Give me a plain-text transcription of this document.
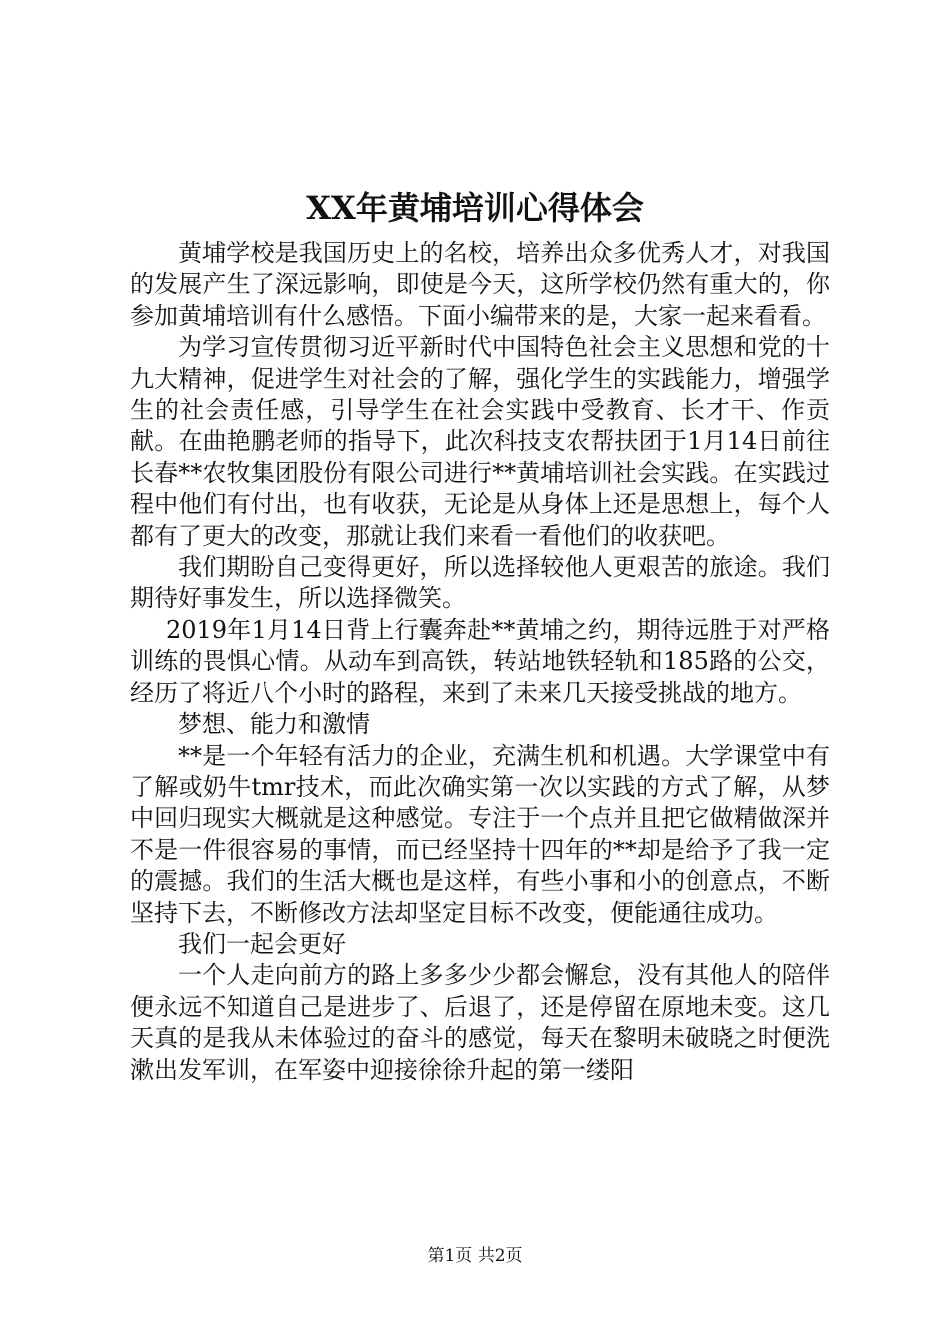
XX年黄埔培训心得体会

黄埔学校是我国历史上的名校，培养出众多优秀人才，对我国的发展产生了深远影响，即使是今天，这所学校仍然有重大的，你参加黄埔培训有什么感悟。下面小编带来的是，大家一起来看看。

为学习宣传贯彻习近平新时代中国特色社会主义思想和党的十九大精神，促进学生对社会的了解，强化学生的实践能力，增强学生的社会责任感，引导学生在社会实践中受教育、长才干、作贡献。在曲艳鹏老师的指导下，此次科技支农帮扶团于1月14日前往长春**农牧集团股份有限公司进行**黄埔培训社会实践。在实践过程中他们有付出，也有收获，无论是从身体上还是思想上，每个人都有了更大的改变，那就让我们来看一看他们的收获吧。

我们期盼自己变得更好，所以选择较他人更艰苦的旅途。我们期待好事发生，所以选择微笑。

2019年1月14日背上行囊奔赴**黄埔之约，期待远胜于对严格训练的畏惧心情。从动车到高铁，转站地铁轻轨和185路的公交，经历了将近八个小时的路程，来到了未来几天接受挑战的地方。

梦想、能力和激情

**是一个年轻有活力的企业，充满生机和机遇。大学课堂中有了解或奶牛tmr技术，而此次确实第一次以实践的方式了解，从梦中回归现实大概就是这种感觉。专注于一个点并且把它做精做深并不是一件很容易的事情，而已经坚持十四年的**却是给予了我一定的震撼。我们的生活大概也是这样，有些小事和小的创意点，不断坚持下去，不断修改方法却坚定目标不改变，便能通往成功。

我们一起会更好

一个人走向前方的路上多多少少都会懈怠，没有其他人的陪伴便永远不知道自己是进步了、后退了，还是停留在原地未变。这几天真的是我从未体验过的奋斗的感觉，每天在黎明未破晓之时便洗漱出发军训，在军姿中迎接徐徐升起的第一缕阳

第1页 共2页
